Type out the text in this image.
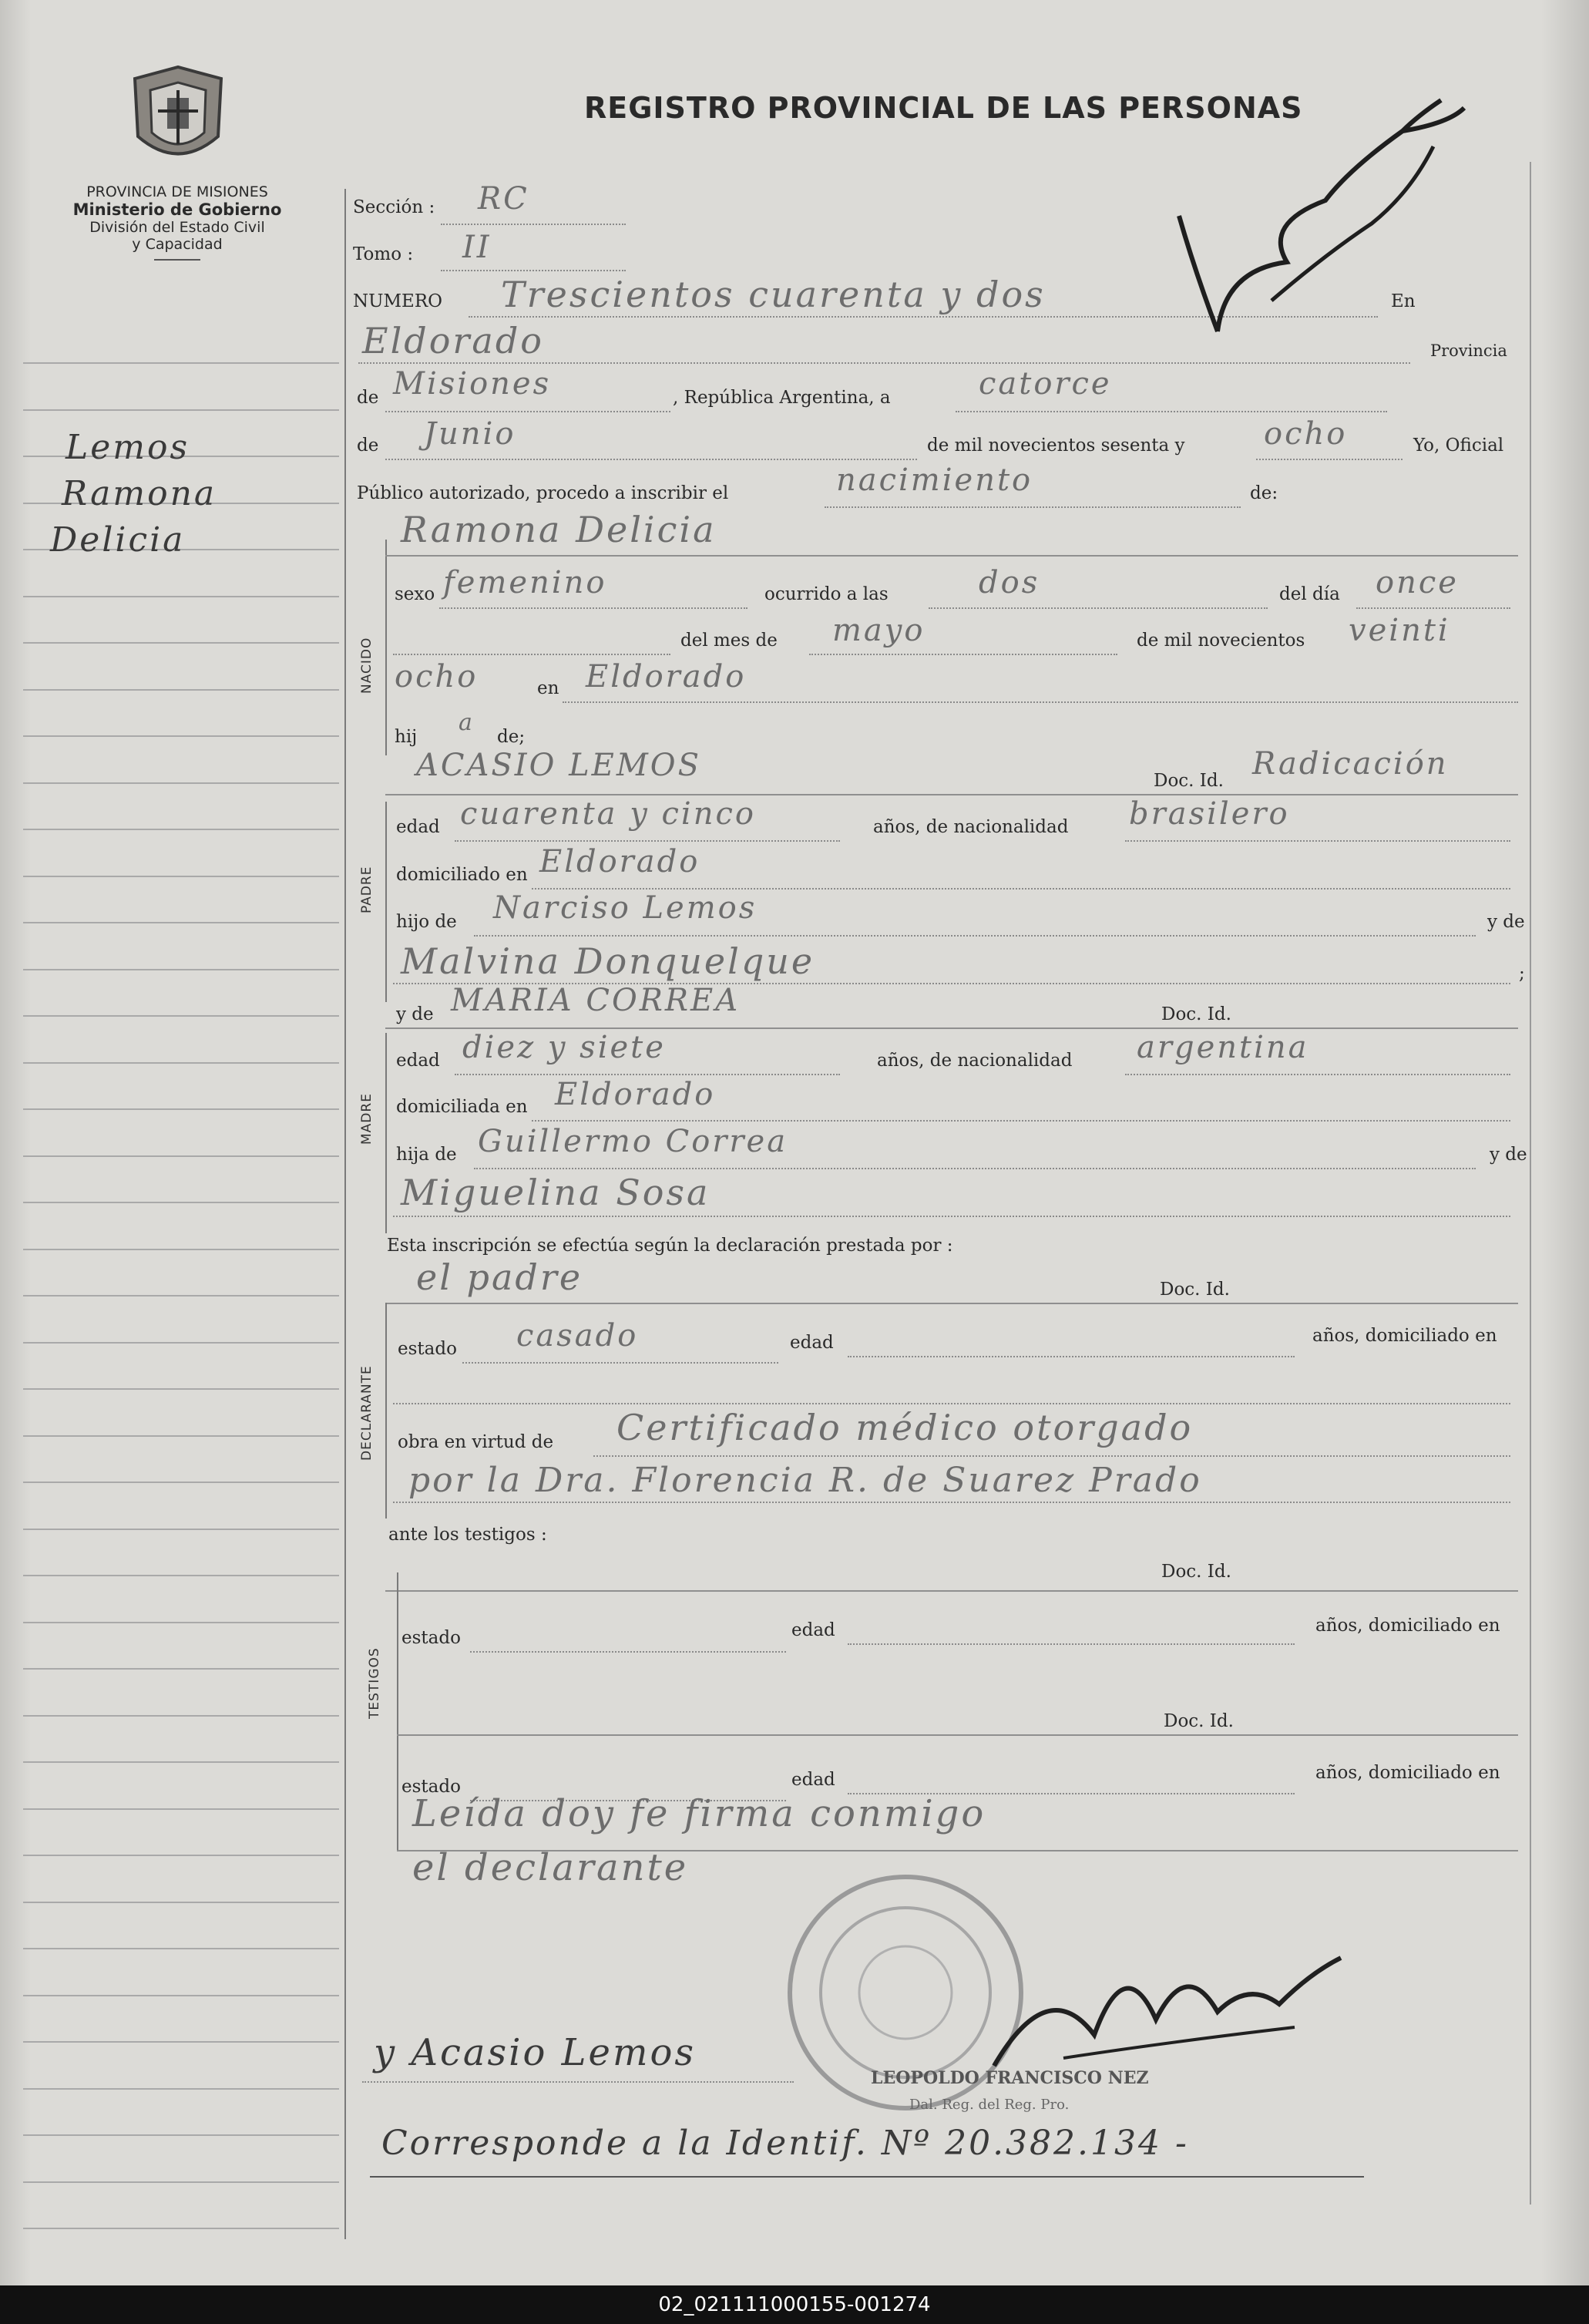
REGISTRO PROVINCIAL DE LAS PERSONAS
PROVINCIA DE MISIONES
Ministerio de Gobierno
División del Estado Civil
y Capacidad
Lemos
Ramona
Delicia
Sección : RC
Tomo : II
NUMERO Trescientos cuarenta y dos	En
Eldorado	Provincia
de Misiones	, República Argentina, a	catorce
de Junio	de mil novecientos sesenta y	ocho	Yo, Oficial
Público autorizado, procedo a inscribir el	nacimiento	de:
NACIDO
Ramona Delicia
sexo femenino	ocurrido a las	dos	del día once
del mes de mayo	de mil novecientos veinti
ocho	en Eldorado
hij
a
de;
ACASIO LEMOS	Doc. Id. Radicación
PADRE
edad cuarenta y cinco	años, de nacionalidad brasilero
domiciliado en Eldorado
hijo de Narciso Lemos	y de
Malvina Donquelque	;
y de MARIA CORREA	Doc. Id.
MADRE
edad diez y siete	años, de nacionalidad argentina
domiciliada en Eldorado
hija de Guillermo Correa	y de
Miguelina Sosa
Esta inscripción se efectúa según la declaración prestada por :
el padre	Doc. Id.
DECLARANTE
estado casado	edad	años, domiciliado en
obra en virtud de Certificado médico otorgado
por la Dra. Florencia R. de Suarez Prado
ante los testigos :
Doc. Id.
TESTIGOS
estado	edad	años, domiciliado en
Doc. Id.
estado	edad	años, domiciliado en
Leída doy fe firma conmigo
el declarante
LEOPOLDO FRANCISCO NEZ
Dal. Reg. del Reg. Pro.
y Acasio Lemos
Corresponde a la Identif. Nº 20.382.134 -
02_021111000155-001274
